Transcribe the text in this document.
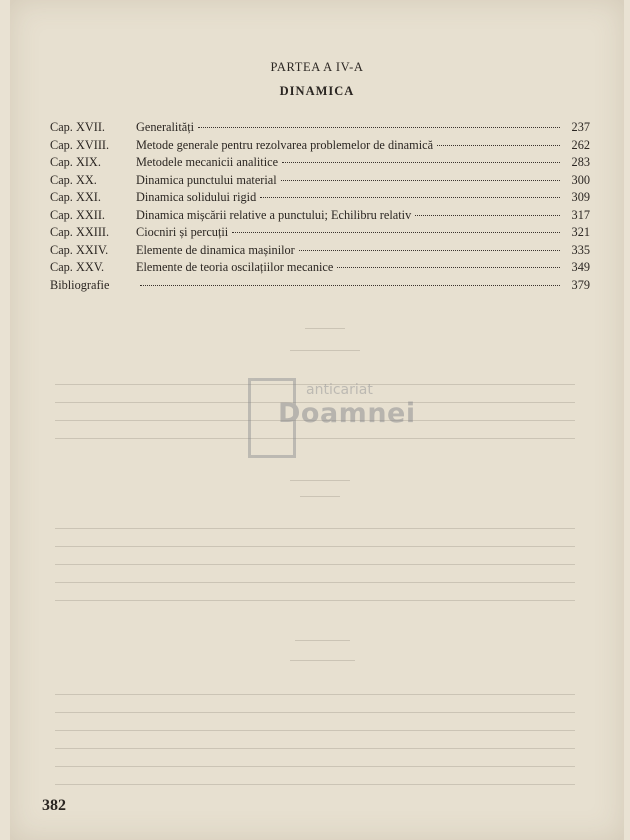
PARTEA A IV-A
DINAMICA
Cap. XVII.	Generalități	237
Cap. XVIII.	Metode generale pentru rezolvarea problemelor de dinamică	262
Cap. XIX.	Metodele mecanicii analitice	283
Cap. XX.	Dinamica punctului material	300
Cap. XXI.	Dinamica solidului rigid	309
Cap. XXII.	Dinamica mișcării relative a punctului; Echilibru relativ	317
Cap. XXIII.	Ciocniri și percuții	321
Cap. XXIV.	Elemente de dinamica mașinilor	335
Cap. XXV.	Elemente de teoria oscilațiilor mecanice	349
Bibliografie	379
anticariat
Doamnei
382
